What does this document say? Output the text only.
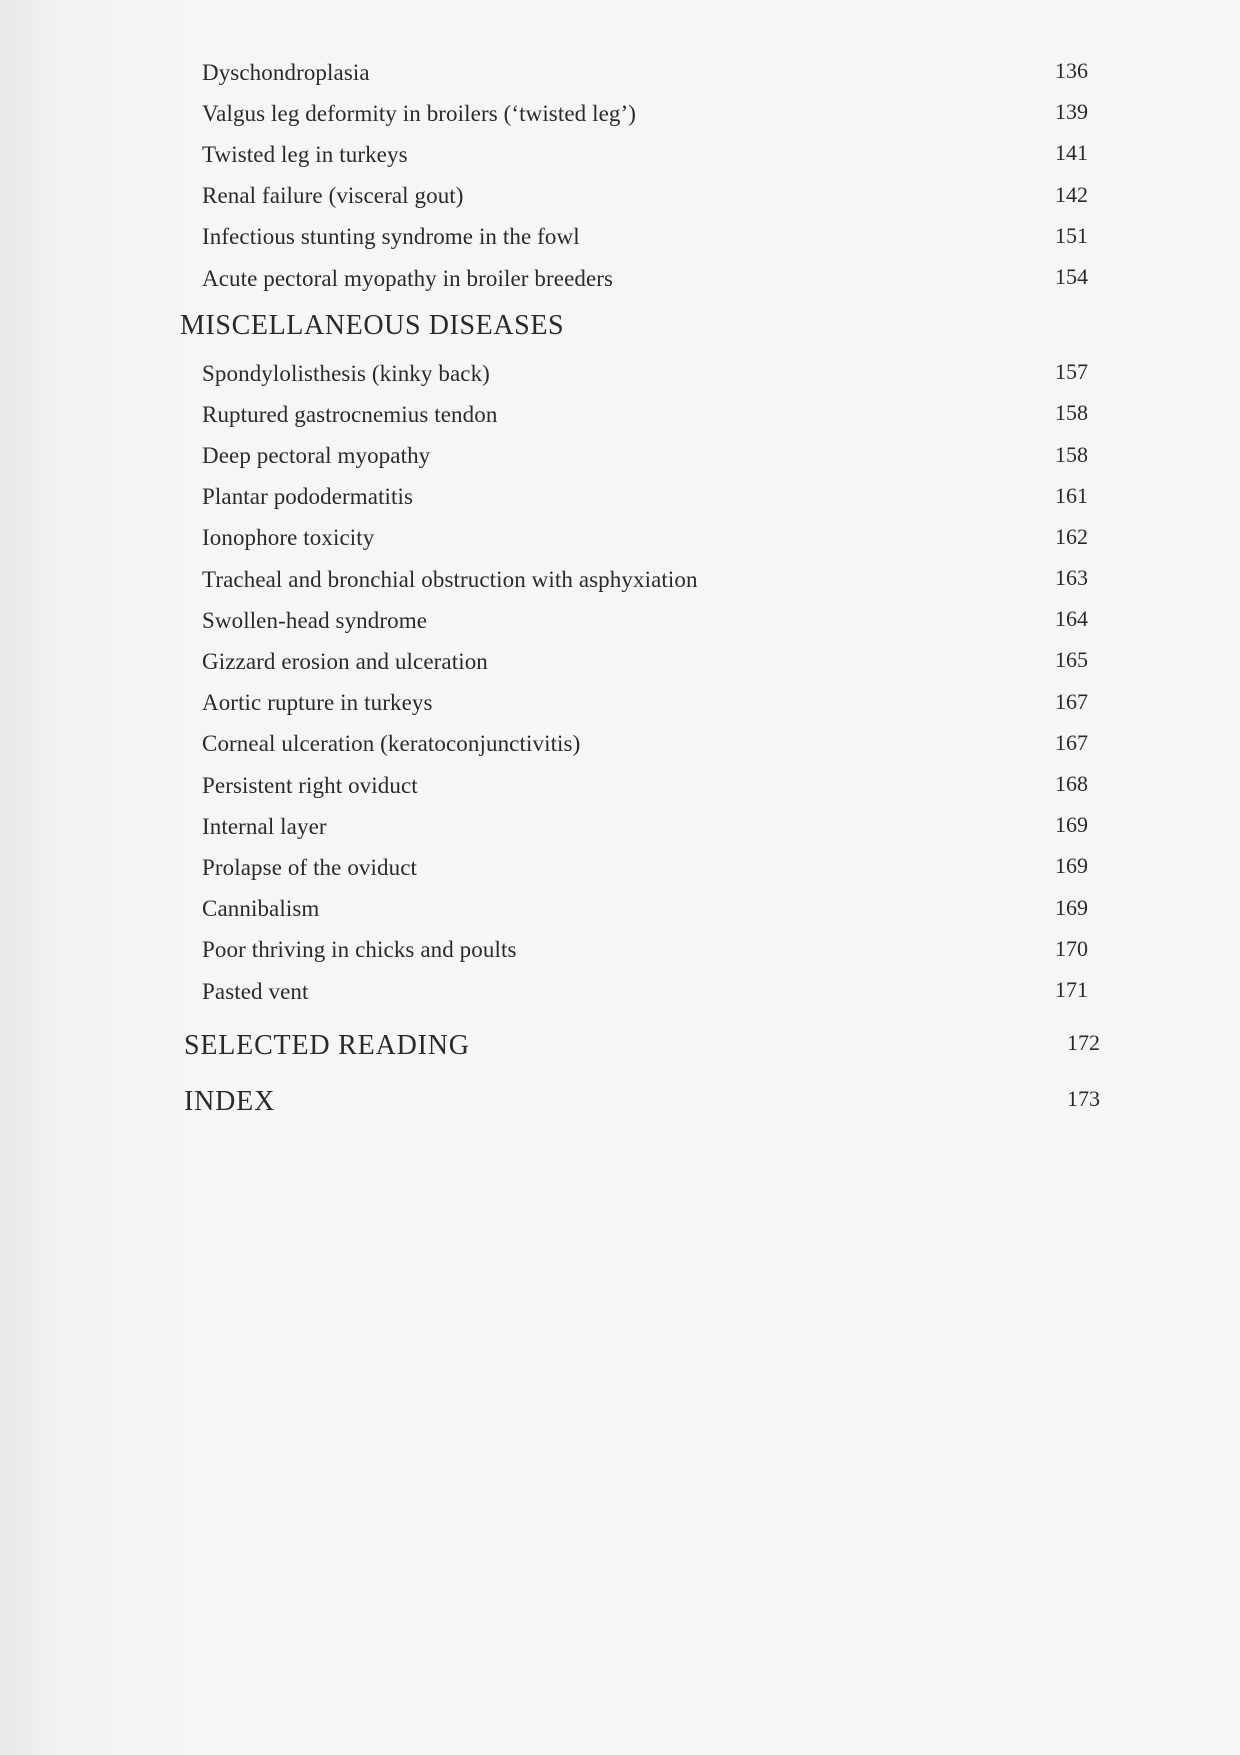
Dyschondroplasia	136
Valgus leg deformity in broilers (‘twisted leg’)	139
Twisted leg in turkeys	141
Renal failure (visceral gout)	142
Infectious stunting syndrome in the fowl	151
Acute pectoral myopathy in broiler breeders	154
MISCELLANEOUS DISEASES
Spondylolisthesis (kinky back)	157
Ruptured gastrocnemius tendon	158
Deep pectoral myopathy	158
Plantar pododermatitis	161
Ionophore toxicity	162
Tracheal and bronchial obstruction with asphyxiation	163
Swollen-head syndrome	164
Gizzard erosion and ulceration	165
Aortic rupture in turkeys	167
Corneal ulceration (keratoconjunctivitis)	167
Persistent right oviduct	168
Internal layer	169
Prolapse of the oviduct	169
Cannibalism	169
Poor thriving in chicks and poults	170
Pasted vent	171
SELECTED READING	172
INDEX	173
